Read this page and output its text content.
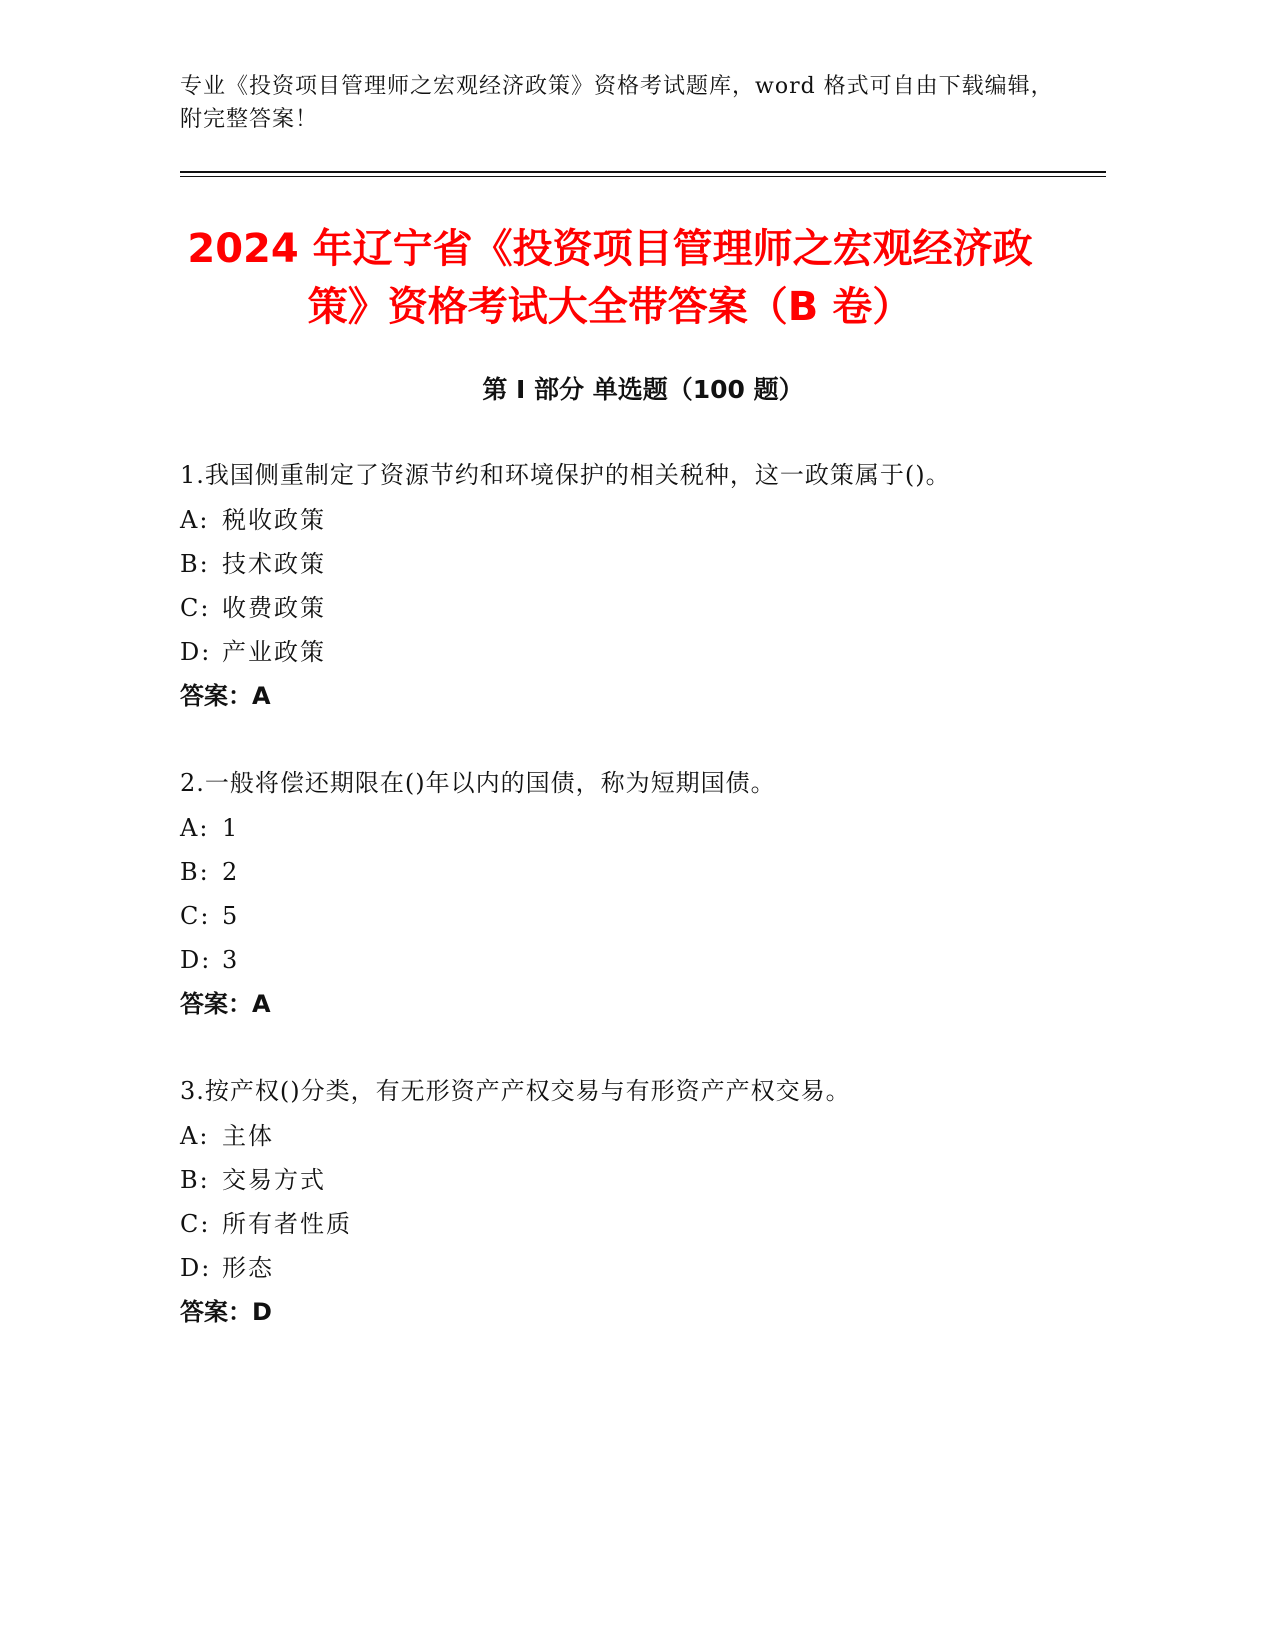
专业《投资项目管理师之宏观经济政策》资格考试题库，word 格式可自由下载编辑，附完整答案！
2024 年辽宁省《投资项目管理师之宏观经济政策》资格考试大全带答案（B 卷）
第 I 部分 单选题（100 题）
1.我国侧重制定了资源节约和环境保护的相关税种，这一政策属于()。
A: 税收政策
B: 技术政策
C: 收费政策
D: 产业政策
答案：A
2.一般将偿还期限在()年以内的国债，称为短期国债。
A: 1
B: 2
C: 5
D: 3
答案：A
3.按产权()分类，有无形资产产权交易与有形资产产权交易。
A: 主体
B: 交易方式
C: 所有者性质
D: 形态
答案：D
